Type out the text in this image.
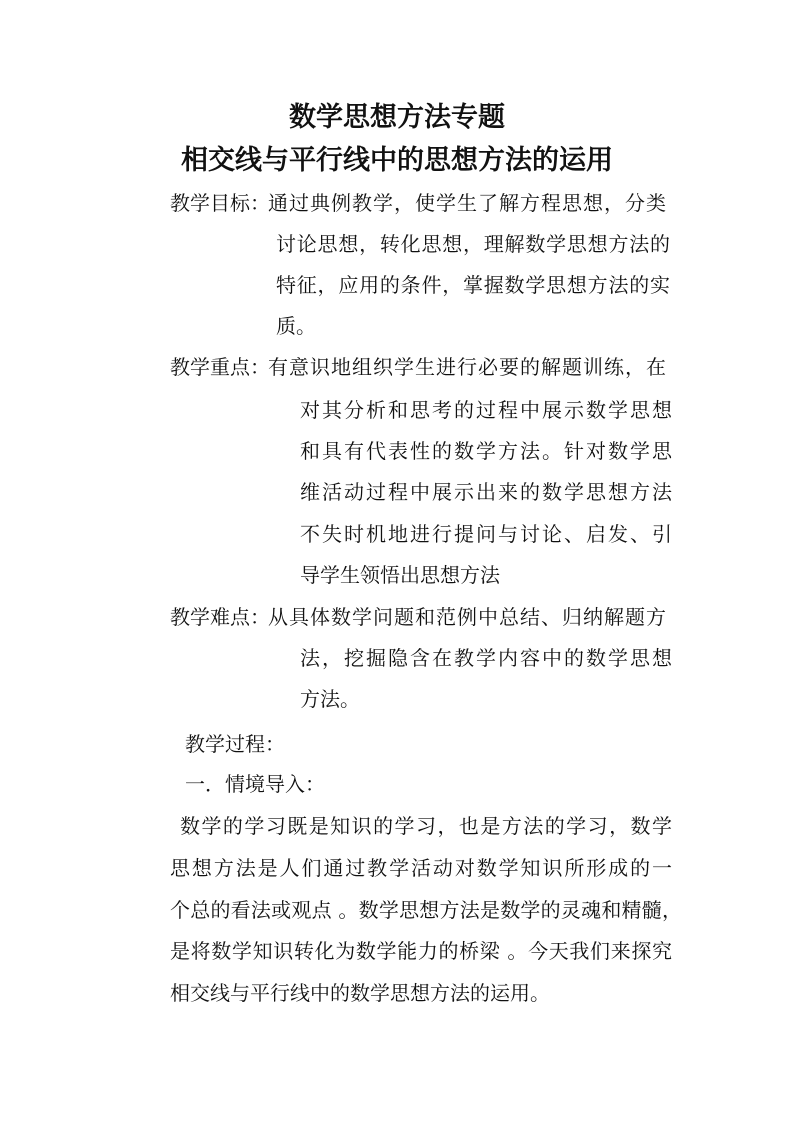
数学思想方法专题
相交线与平行线中的思想方法的运用
教学目标：
通过典例教学，使学生了解方程思想，分类
讨论思想，转化思想，理解数学思想方法的
特征，应用的条件，掌握数学思想方法的实
质。
教学重点：
有意识地组织学生进行必要的解题训练，在
对其分析和思考的过程中展示数学思想
和具有代表性的数学方法。针对数学思
维活动过程中展示出来的数学思想方法
不失时机地进行提问与讨论、启发、引
导学生领悟出思想方法
教学难点：
从具体数学问题和范例中总结、归纳解题方
法，挖掘隐含在教学内容中的数学思想
方法。
教学过程：
一．情境导入：
数学的学习既是知识的学习，也是方法的学习，数学
思想方法是人们通过教学活动对数学知识所形成的一
个总的看法或观点 。数学思想方法是数学的灵魂和精髓，
是将数学知识转化为数学能力的桥梁 。今天我们来探究
相交线与平行线中的数学思想方法的运用。
